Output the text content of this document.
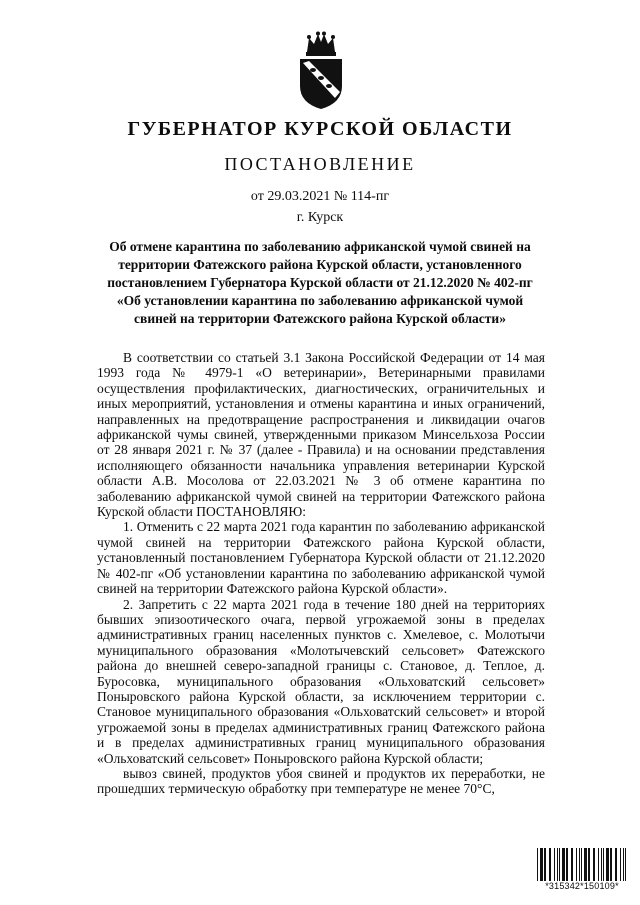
ГУБЕРНАТОР КУРСКОЙ ОБЛАСТИ
ПОСТАНОВЛЕНИЕ
от 29.03.2021 № 114-пг
г. Курск
Об отмене карантина по заболеванию африканской чумой свиней на территории Фатежского района Курской области, установленного постановлением Губернатора Курской области от 21.12.2020 № 402-пг «Об установлении карантина по заболеванию африканской чумой свиней на территории Фатежского района Курской области»

В соответствии со статьей 3.1 Закона Российской Федерации от 14 мая 1993 года № 4979-1 «О ветеринарии», Ветеринарными правилами осуществления профилактических, диагностических, ограничительных и иных мероприятий, установления и отмены карантина и иных ограничений, направленных на предотвращение распространения и ликвидации очагов африканской чумы свиней, утвержденными приказом Минсельхоза России от 28 января 2021 г. № 37 (далее - Правила) и на основании представления исполняющего обязанности начальника управления ветеринарии Курской области А.В. Мосолова от 22.03.2021 № 3 об отмене карантина по заболеванию африканской чумой свиней на территории Фатежского района Курской области ПОСТАНОВЛЯЮ:

1. Отменить с 22 марта 2021 года карантин по заболеванию африканской чумой свиней на территории Фатежского района Курской области, установленный постановлением Губернатора Курской области от 21.12.2020 № 402-пг «Об установлении карантина по заболеванию африканской чумой свиней на территории Фатежского района Курской области».

2. Запретить с 22 марта 2021 года в течение 180 дней на территориях бывших эпизоотического очага, первой угрожаемой зоны в пределах административных границ населенных пунктов с. Хмелевое, с. Молотычи муниципального образования «Молотычевский сельсовет» Фатежского района до внешней северо-западной границы с. Становое, д. Теплое, д. Буросовка, муниципального образования «Ольховатский сельсовет» Поныровского района Курской области, за исключением территории с. Становое муниципального образования «Ольховатский сельсовет» и второй угрожаемой зоны в пределах административных границ Фатежского района и в пределах административных границ муниципального образования «Ольховатский сельсовет» Поныровского района Курской области;

вывоз свиней, продуктов убоя свиней и продуктов их переработки, не прошедших термическую обработку при температуре не менее 70°С,

*315342*150109*
